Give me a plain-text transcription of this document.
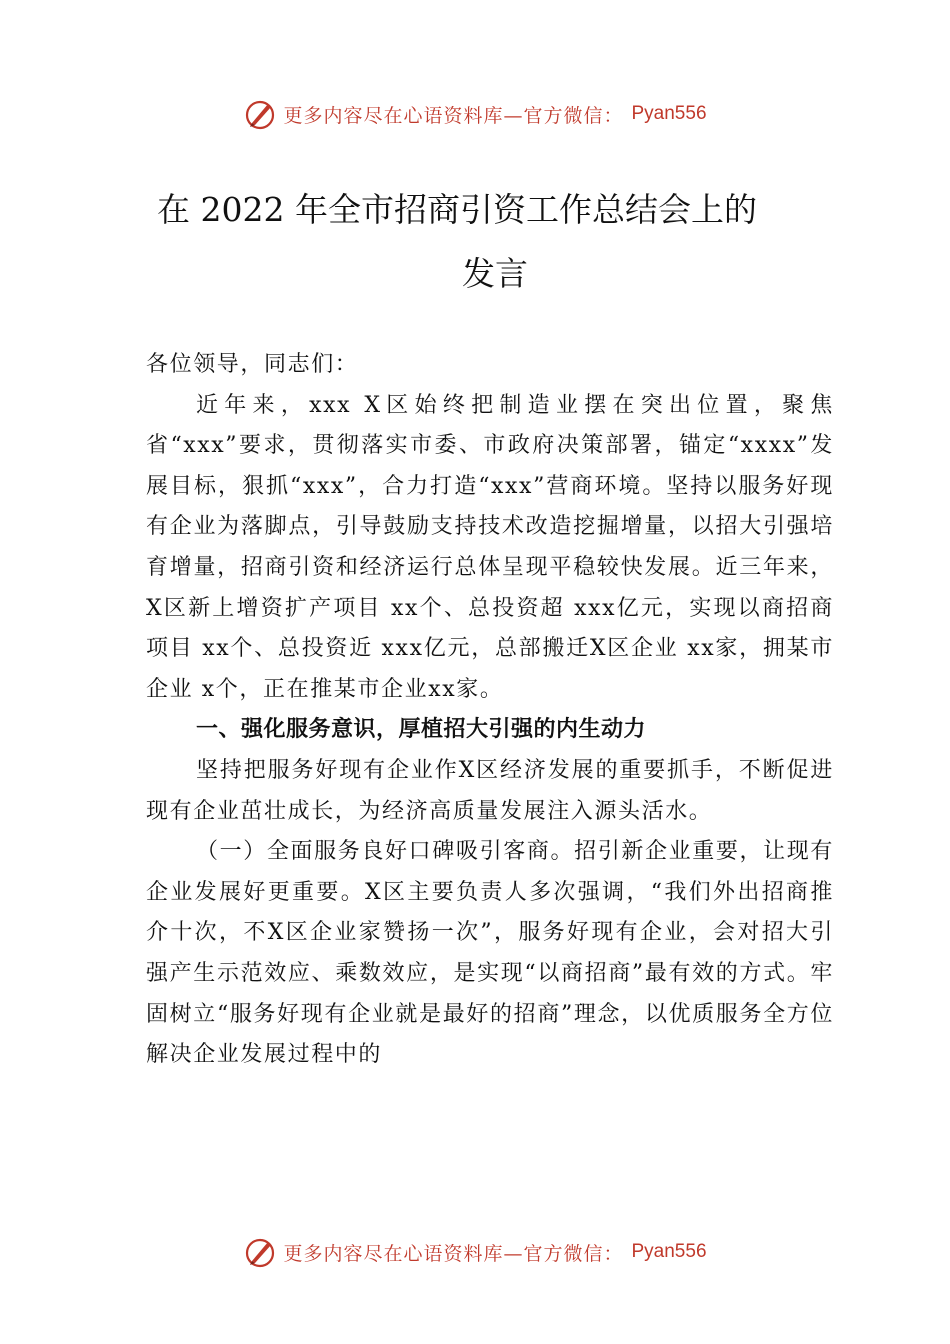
更多内容尽在心语资料库—官方微信： Pyan556
在 2022 年全市招商引资工作总结会上的
发言

各位领导，同志们：

近年来，xxx X区始终把制造业摆在突出位置，聚焦省“xxx”要求，贯彻落实市委、市政府决策部署，锚定“xxxx”发展目标，狠抓“xxx”，合力打造“xxx”营商环境。坚持以服务好现有企业为落脚点，引导鼓励支持技术改造挖掘增量，以招大引强培育增量，招商引资和经济运行总体呈现平稳较快发展。近三年来，X区新上增资扩产项目 xx个、总投资超 xxx亿元，实现以商招商项目 xx个、总投资近 xxx亿元，总部搬迁X区企业 xx家，拥某市企业 x个，正在推某市企业xx家。

一、强化服务意识，厚植招大引强的内生动力

坚持把服务好现有企业作X区经济发展的重要抓手，不断促进现有企业茁壮成长，为经济高质量发展注入源头活水。

（一）全面服务良好口碑吸引客商。招引新企业重要，让现有企业发展好更重要。X区主要负责人多次强调，“我们外出招商推介十次，不X区企业家赞扬一次”，服务好现有企业，会对招大引强产生示范效应、乘数效应，是实现“以商招商”最有效的方式。牢固树立“服务好现有企业就是最好的招商”理念，以优质服务全方位解决企业发展过程中的

更多内容尽在心语资料库—官方微信： Pyan556
